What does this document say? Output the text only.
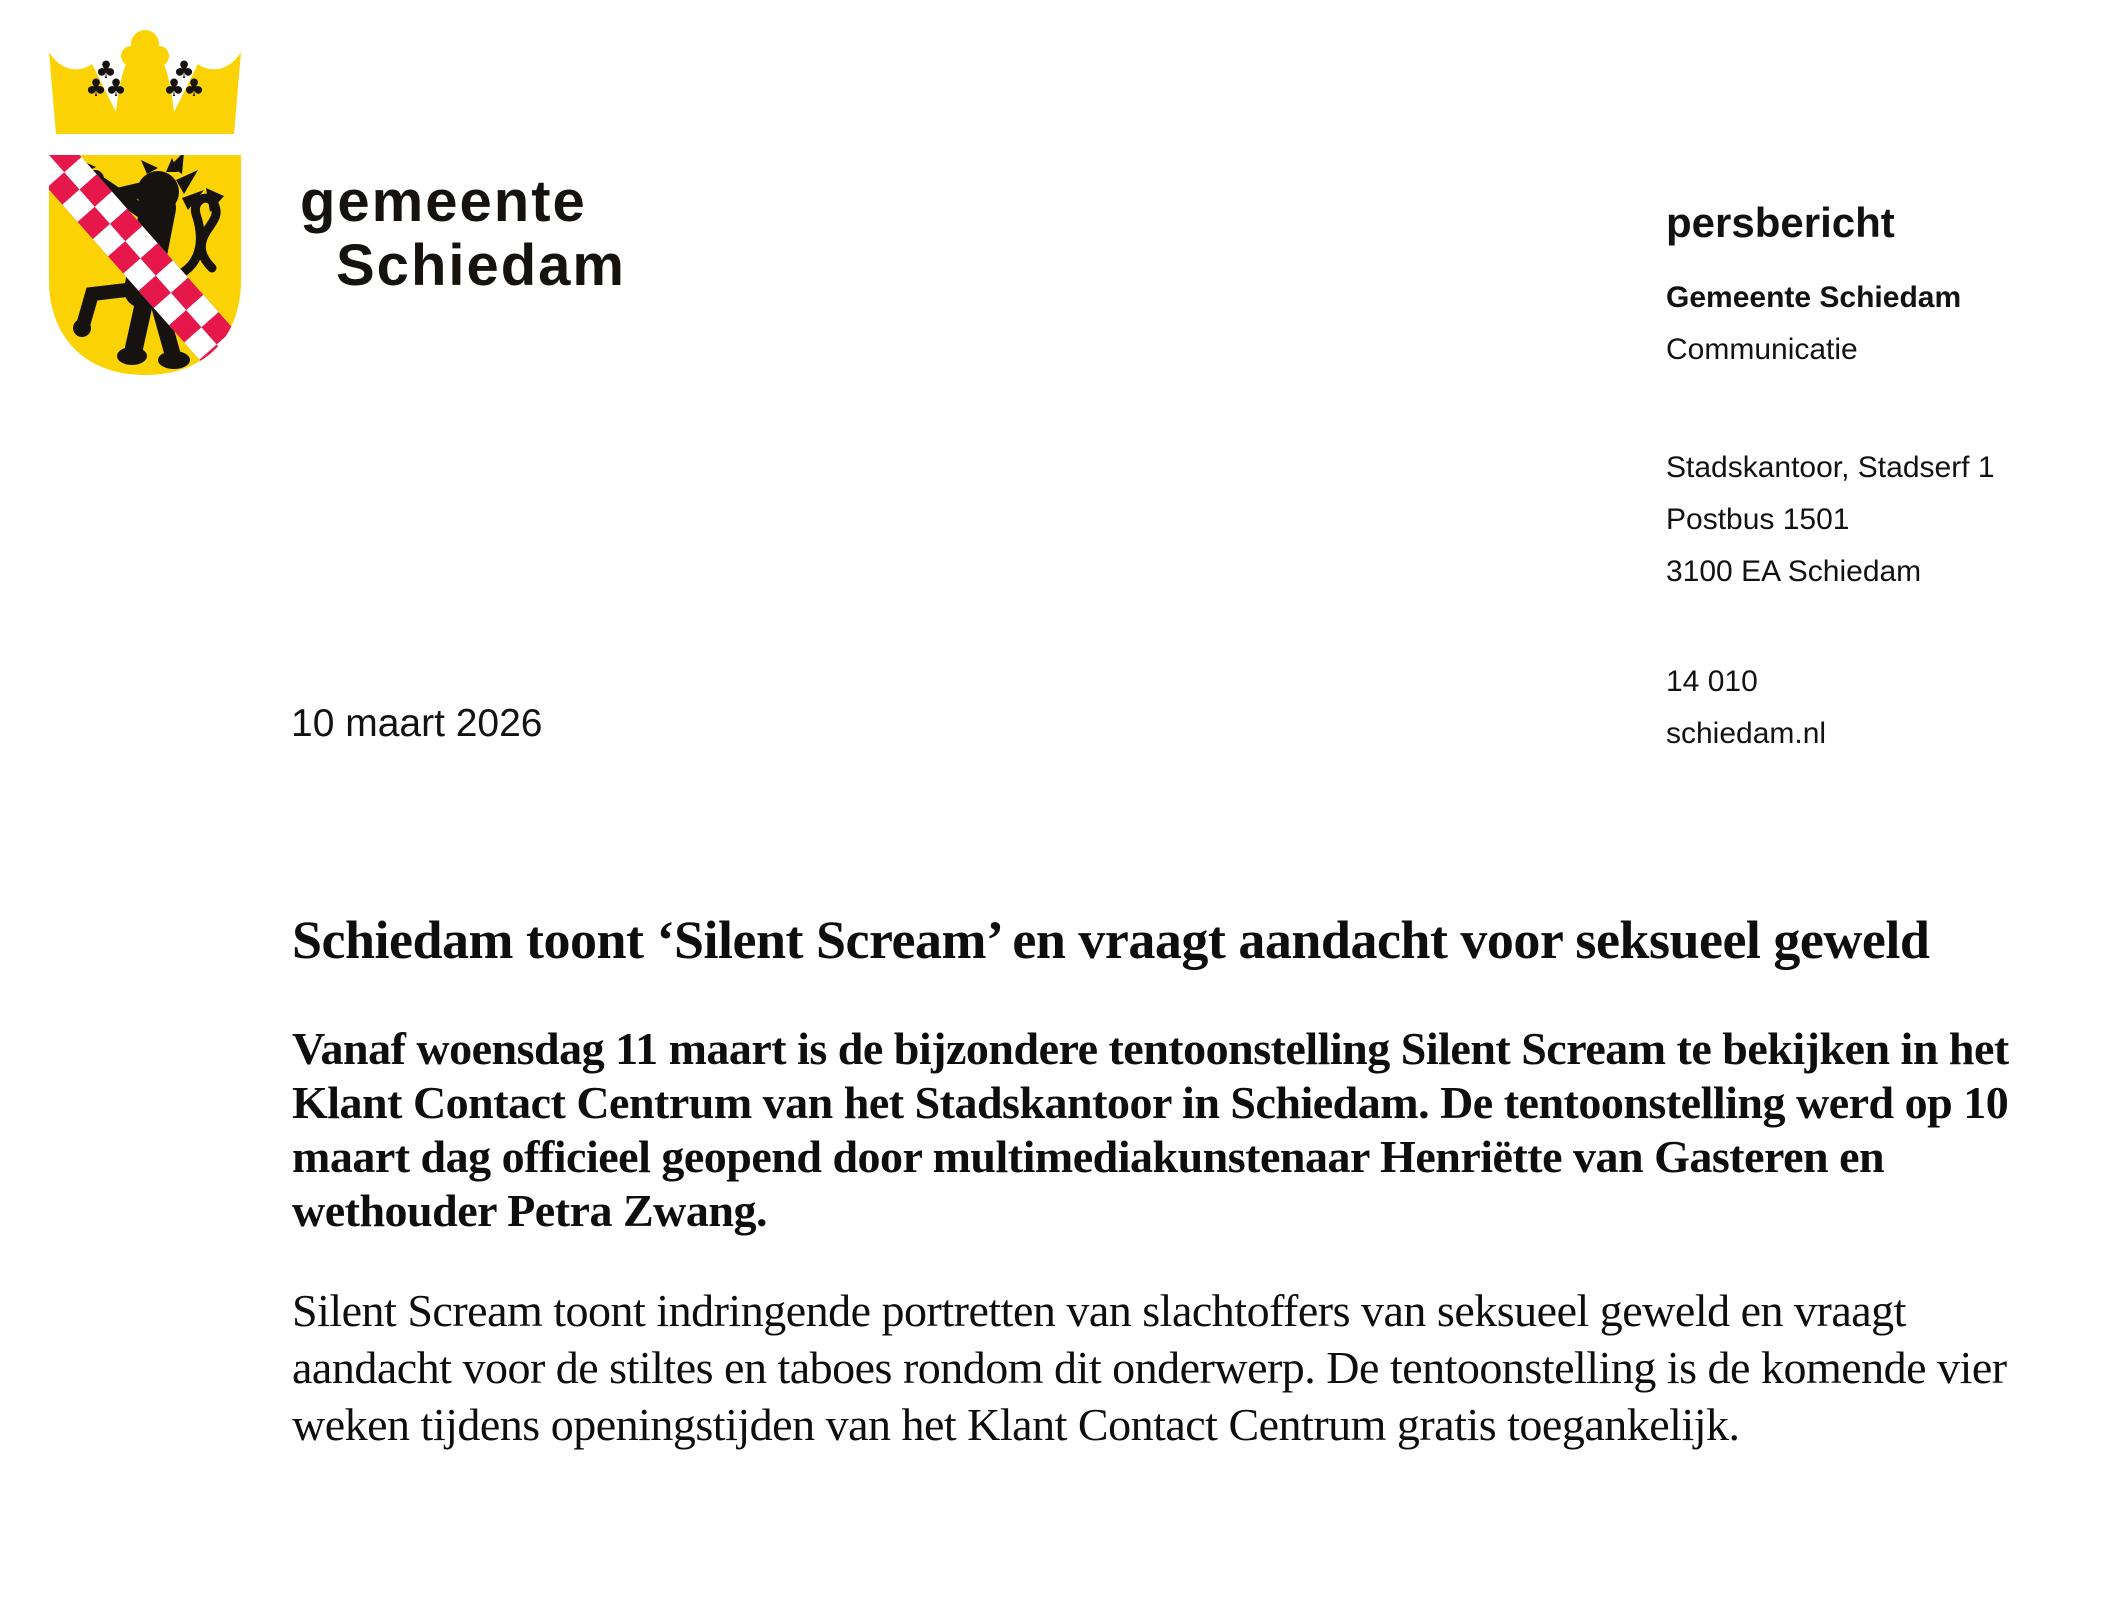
♣
♣
♣
♣
♣
♣
gemeente
Schiedam
persbericht
Gemeente Schiedam
Communicatie
Stadskantoor, Stadserf 1
Postbus 1501
3100 EA Schiedam
14 010
schiedam.nl
10 maart 2026
Schiedam toont ‘Silent Scream’ en vraagt aandacht voor seksueel geweld

Vanaf woensdag 11 maart is de bijzondere tentoonstelling Silent Scream te bekijken in het Klant Contact Centrum van het Stadskantoor in Schiedam. De tentoonstelling werd op 10 maart dag officieel geopend door multimediakunstenaar Henriëtte van Gasteren en wethouder Petra Zwang.

Silent Scream toont indringende portretten van slachtoffers van seksueel geweld en vraagt aandacht voor de stiltes en taboes rondom dit onderwerp. De tentoonstelling is de komende vier weken tijdens openingstijden van het Klant Contact Centrum gratis toegankelijk.
